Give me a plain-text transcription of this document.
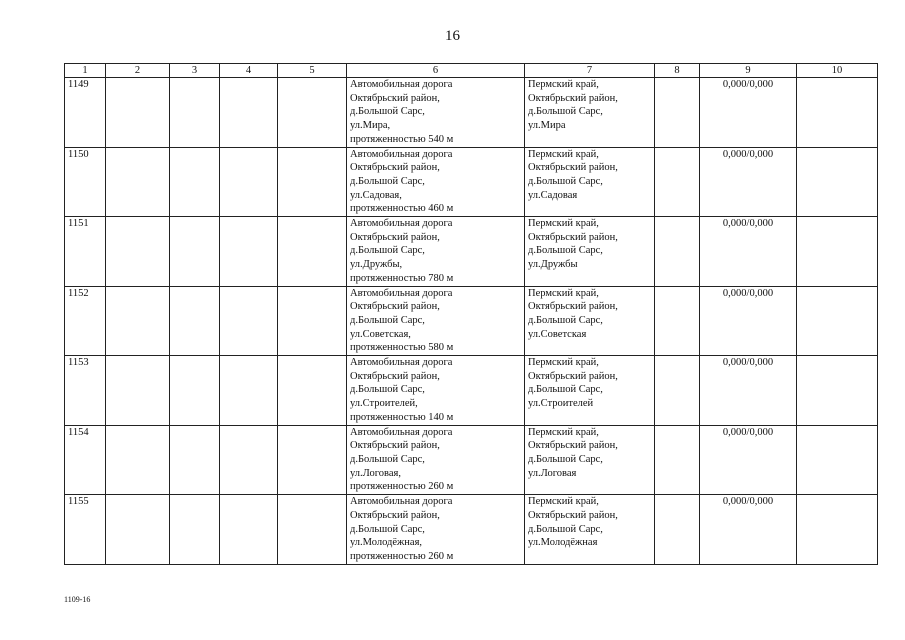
16
1	2	3	4	5	6	7	8	9	10
1149					Автомобильная дорога
Октябрьский район,
д.Большой Сарс,
ул.Мира,
протяженностью 540 м	Пермский край,
Октябрьский район,
д.Большой Сарс,
ул.Мира		0,000/0,000	
1150					Автомобильная дорога
Октябрьский район,
д.Большой Сарс,
ул.Садовая,
протяженностью 460 м	Пермский край,
Октябрьский район,
д.Большой Сарс,
ул.Садовая		0,000/0,000	
1151					Автомобильная дорога
Октябрьский район,
д.Большой Сарс,
ул.Дружбы,
протяженностью 780 м	Пермский край,
Октябрьский район,
д.Большой Сарс,
ул.Дружбы		0,000/0,000	
1152					Автомобильная дорога
Октябрьский район,
д.Большой Сарс,
ул.Советская,
протяженностью 580 м	Пермский край,
Октябрьский район,
д.Большой Сарс,
ул.Советская		0,000/0,000	
1153					Автомобильная дорога
Октябрьский район,
д.Большой Сарс,
ул.Строителей,
протяженностью 140 м	Пермский край,
Октябрьский район,
д.Большой Сарс,
ул.Строителей		0,000/0,000	
1154					Автомобильная дорога
Октябрьский район,
д.Большой Сарс,
ул.Логовая,
протяженностью 260 м	Пермский край,
Октябрьский район,
д.Большой Сарс,
ул.Логовая		0,000/0,000	
1155					Автомобильная дорога
Октябрьский район,
д.Большой Сарс,
ул.Молодёжная,
протяженностью 260 м	Пермский край,
Октябрьский район,
д.Большой Сарс,
ул.Молодёжная		0,000/0,000	
1109-16
